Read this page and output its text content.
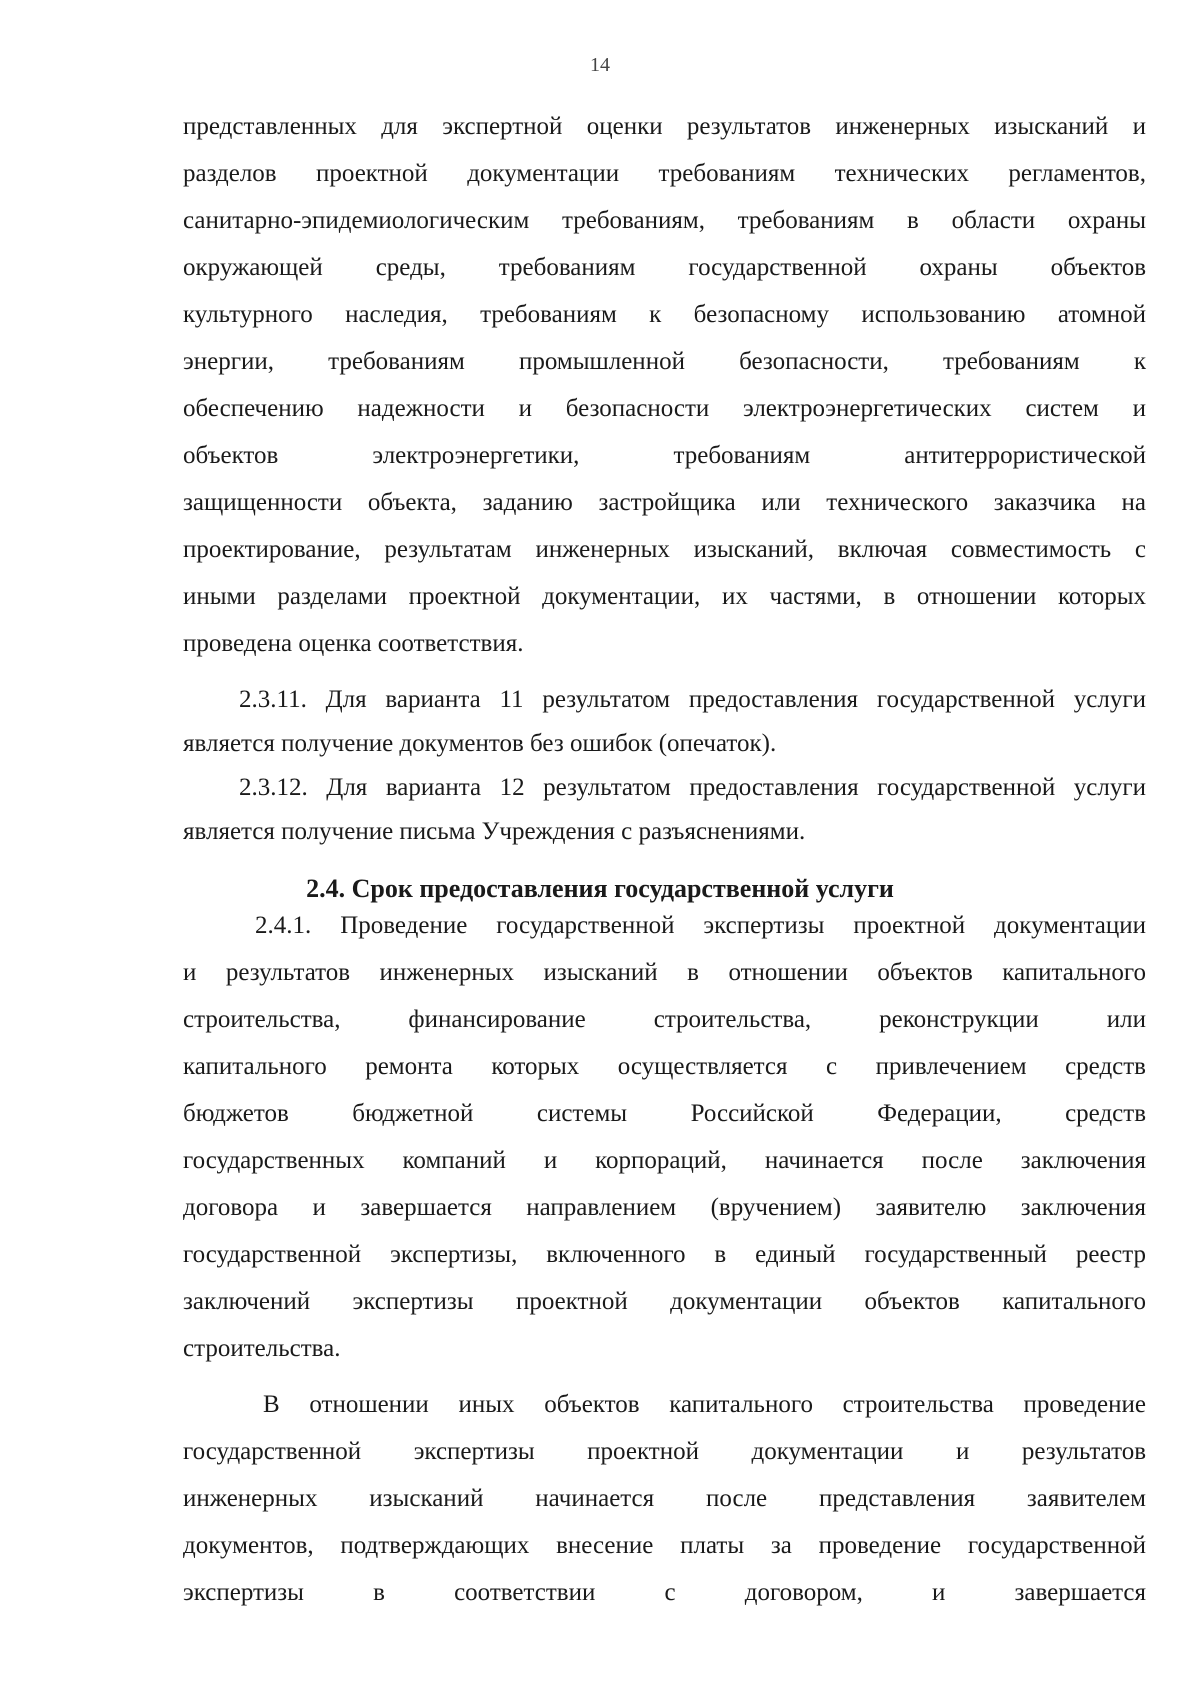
14
представленных для экспертной оценки результатов инженерных изысканий и
разделов проектной документации требованиям технических регламентов,
санитарно-эпидемиологическим требованиям, требованиям в области охраны
окружающей среды, требованиям государственной охраны объектов
культурного наследия, требованиям к безопасному использованию атомной
энергии, требованиям промышленной безопасности, требованиям к
обеспечению надежности и безопасности электроэнергетических систем и
объектов электроэнергетики, требованиям антитеррористической
защищенности объекта, заданию застройщика или технического заказчика на
проектирование, результатам инженерных изысканий, включая совместимость с
иными разделами проектной документации, их частями, в отношении которых
проведена оценка соответствия.
2.3.11. Для варианта 11 результатом предоставления государственной услуги
является получение документов без ошибок (опечаток).
2.3.12. Для варианта 12 результатом предоставления государственной услуги
является получение письма Учреждения с разъяснениями.
2.4. Срок предоставления государственной услуги
2.4.1. Проведение государственной экспертизы проектной документации
и результатов инженерных изысканий в отношении объектов капитального
строительства, финансирование строительства, реконструкции или
капитального ремонта которых осуществляется с привлечением средств
бюджетов бюджетной системы Российской Федерации, средств
государственных компаний и корпораций, начинается после заключения
договора и завершается направлением (вручением) заявителю заключения
государственной экспертизы, включенного в единый государственный реестр
заключений экспертизы проектной документации объектов капитального
строительства.
В отношении иных объектов капитального строительства проведение
государственной экспертизы проектной документации и результатов
инженерных изысканий начинается после представления заявителем
документов, подтверждающих внесение платы за проведение государственной
экспертизы в соответствии с договором, и завершается
